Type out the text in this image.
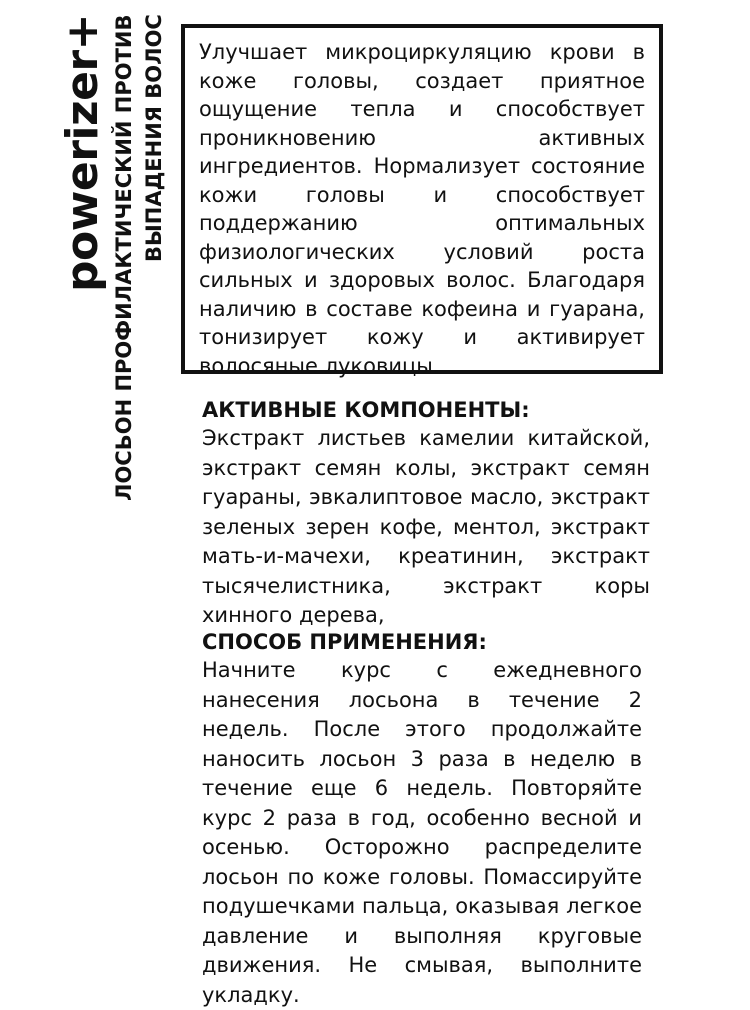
powerizer+ ЛОСЬОН ПРОФИЛАКТИЧЕСКИЙ ПРОТИВ ВЫПАДЕНИЯ ВОЛОС Улучшает микроциркуляцию крови в коже головы, создает приятное ощущение тепла и способствует проникновению активных ингредиентов. Нормализует состояние кожи головы и способствует поддержанию оптимальных физиологических условий роста сильных и здоровых волос. Благодаря наличию в составе кофеина и гуарана, тонизирует кожу и активирует волосяные луковицы.

АКТИВНЫЕ КОМПОНЕНТЫ:

Экстракт листьев камелии китайской, экстракт семян колы, экстракт семян гуараны, эвкалиптовое масло, экстракт зеленых зерен кофе, ментол, экстракт мать-и-мачехи, креатинин, экстракт тысячелистника, экстракт коры хинного дерева,

СПОСОБ ПРИМЕНЕНИЯ:

Начните курс с ежедневного нанесения лосьона в течение 2 недель. После этого продолжайте наносить лосьон 3 раза в неделю в течение еще 6 недель. Повторяйте курс 2 раза в год, особенно весной и осенью. Осторожно распределите лосьон по коже головы. Помассируйте подушечками пальца, оказывая легкое давление и выполняя круговые движения. Не смывая, выполните укладку.
